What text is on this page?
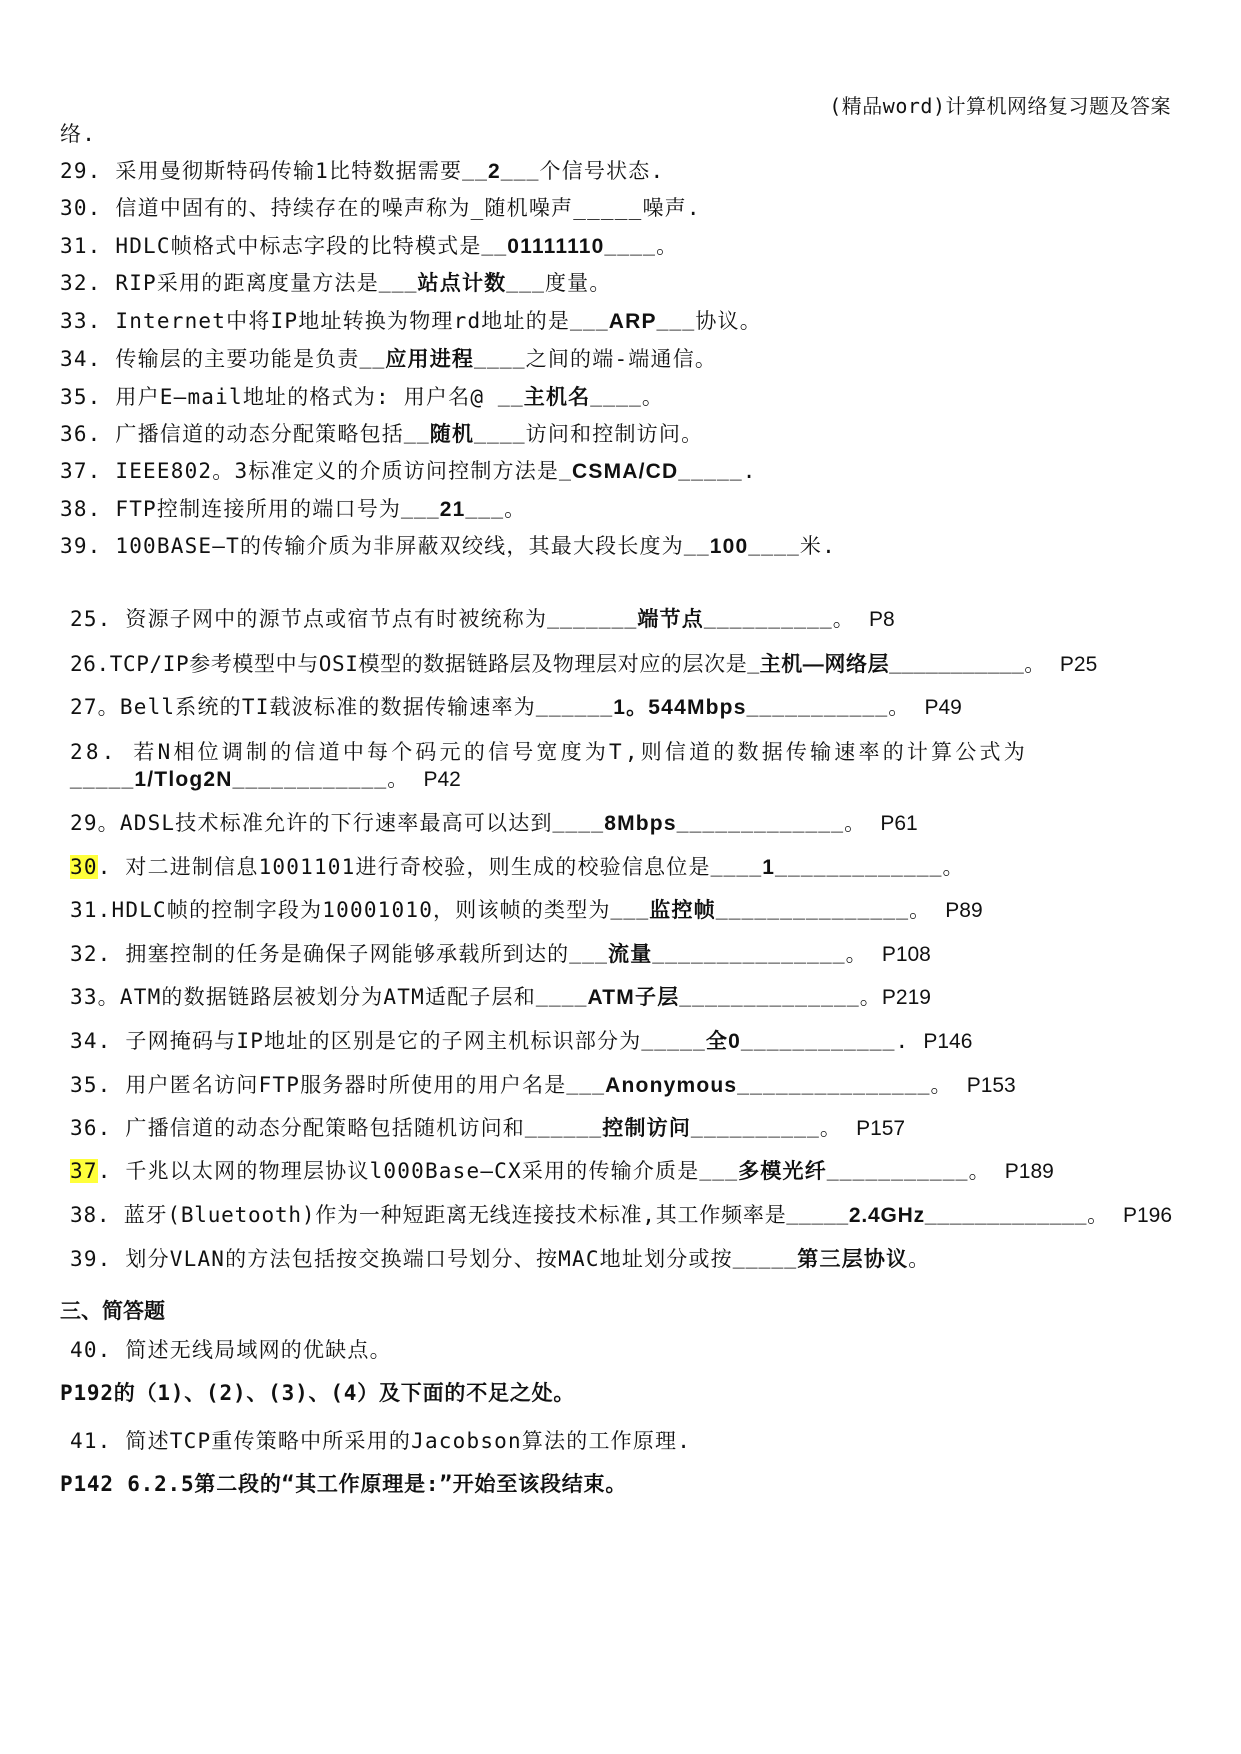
(精品word)计算机网络复习题及答案
络.
29. 采用曼彻斯特码传输1比特数据需要__2___个信号状态.
30. 信道中固有的、持续存在的噪声称为_随机噪声_____噪声.
31. HDLC帧格式中标志字段的比特模式是__01111110____。
32. RIP采用的距离度量方法是___站点计数___度量。
33. Internet中将IP地址转换为物理rd地址的是___ARP___协议。
34. 传输层的主要功能是负责__应用进程____之间的端-端通信。
35. 用户E—mail地址的格式为: 用户名@ __主机名____。
36. 广播信道的动态分配策略包括__随机____访问和控制访问。
37. IEEE802。3标准定义的介质访问控制方法是_CSMA/CD_____.
38. FTP控制连接所用的端口号为___21___。
39. 100BASE—T的传输介质为非屏蔽双绞线，其最大段长度为__100____米.
25. 资源子网中的源节点或宿节点有时被统称为_______端节点__________。 P8
26.TCP/IP参考模型中与OSI模型的数据链路层及物理层对应的层次是_主机—网络层___________。 P25
27。Bell系统的TI载波标准的数据传输速率为______1。544Mbps___________。 P49
28. 若N相位调制的信道中每个码元的信号宽度为T,则信道的数据传输速率的计算公式为
_____1/Tlog2N____________。 P42
29。ADSL技术标准允许的下行速率最高可以达到____8Mbps_____________。 P61
30. 对二进制信息1001101进行奇校验，则生成的校验信息位是____1_____________。
31.HDLC帧的控制字段为10001010，则该帧的类型为___监控帧_______________。 P89
32. 拥塞控制的任务是确保子网能够承载所到达的___流量_______________。 P108
33。ATM的数据链路层被划分为ATM适配子层和____ATM子层______________。P219
34. 子网掩码与IP地址的区别是它的子网主机标识部分为_____全0____________. P146
35. 用户匿名访问FTP服务器时所使用的用户名是___Anonymous_______________。 P153
36. 广播信道的动态分配策略包括随机访问和______控制访问__________。 P157
37. 千兆以太网的物理层协议l000Base—CX采用的传输介质是___多模光纤___________。 P189
38. 蓝牙(Bluetooth)作为一种短距离无线连接技术标准,其工作频率是_____2.4GHz_____________。 P196
39. 划分VLAN的方法包括按交换端口号划分、按MAC地址划分或按_____第三层协议。
三、简答题
40. 简述无线局域网的优缺点。
P192的（1)、(2)、(3)、(4）及下面的不足之处。
41. 简述TCP重传策略中所采用的Jacobson算法的工作原理.
P142 6.2.5第二段的“其工作原理是:”开始至该段结束。
